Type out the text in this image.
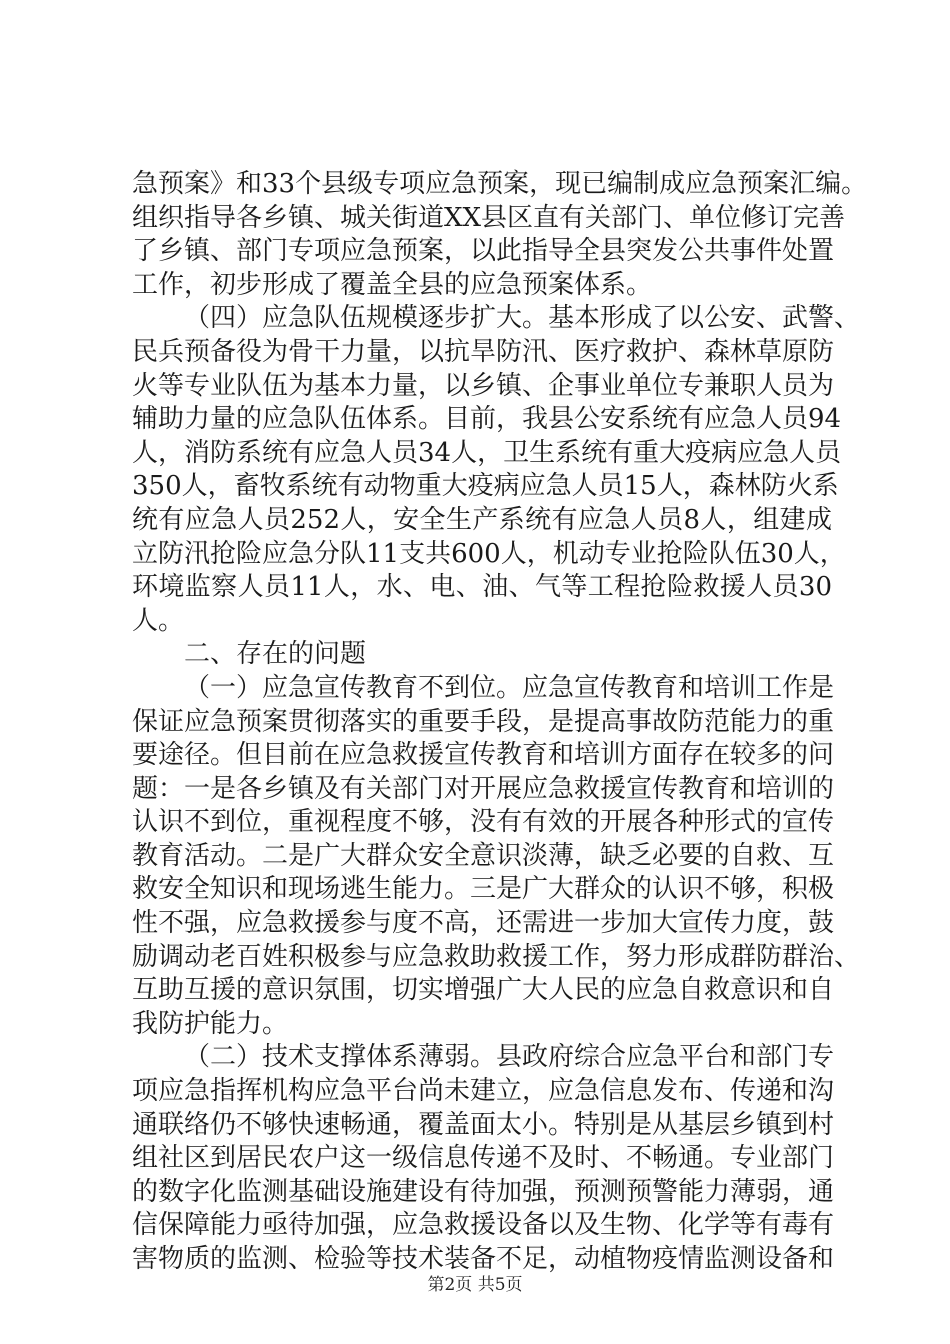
急预案》和33个县级专项应急预案，现已编制成应急预案汇编。
组织指导各乡镇、城关街道XX县区直有关部门、单位修订完善
了乡镇、部门专项应急预案，以此指导全县突发公共事件处置
工作，初步形成了覆盖全县的应急预案体系。
（四）应急队伍规模逐步扩大。基本形成了以公安、武警、
民兵预备役为骨干力量，以抗旱防汛、医疗救护、森林草原防
火等专业队伍为基本力量，以乡镇、企事业单位专兼职人员为
辅助力量的应急队伍体系。目前，我县公安系统有应急人员94
人，消防系统有应急人员34人，卫生系统有重大疫病应急人员
350人，畜牧系统有动物重大疫病应急人员15人，森林防火系
统有应急人员252人，安全生产系统有应急人员8人，组建成
立防汛抢险应急分队11支共600人，机动专业抢险队伍30人，
环境监察人员11人，水、电、油、气等工程抢险救援人员30
人。
二、存在的问题
（一）应急宣传教育不到位。应急宣传教育和培训工作是
保证应急预案贯彻落实的重要手段，是提高事故防范能力的重
要途径。但目前在应急救援宣传教育和培训方面存在较多的问
题：一是各乡镇及有关部门对开展应急救援宣传教育和培训的
认识不到位，重视程度不够，没有有效的开展各种形式的宣传
教育活动。二是广大群众安全意识淡薄，缺乏必要的自救、互
救安全知识和现场逃生能力。三是广大群众的认识不够，积极
性不强，应急救援参与度不高，还需进一步加大宣传力度，鼓
励调动老百姓积极参与应急救助救援工作，努力形成群防群治、
互助互援的意识氛围，切实增强广大人民的应急自救意识和自
我防护能力。
（二）技术支撑体系薄弱。县政府综合应急平台和部门专
项应急指挥机构应急平台尚未建立，应急信息发布、传递和沟
通联络仍不够快速畅通，覆盖面太小。特别是从基层乡镇到村
组社区到居民农户这一级信息传递不及时、不畅通。专业部门
的数字化监测基础设施建设有待加强，预测预警能力薄弱，通
信保障能力亟待加强，应急救援设备以及生物、化学等有毒有
害物质的监测、检验等技术装备不足，动植物疫情监测设备和
第2页 共5页
